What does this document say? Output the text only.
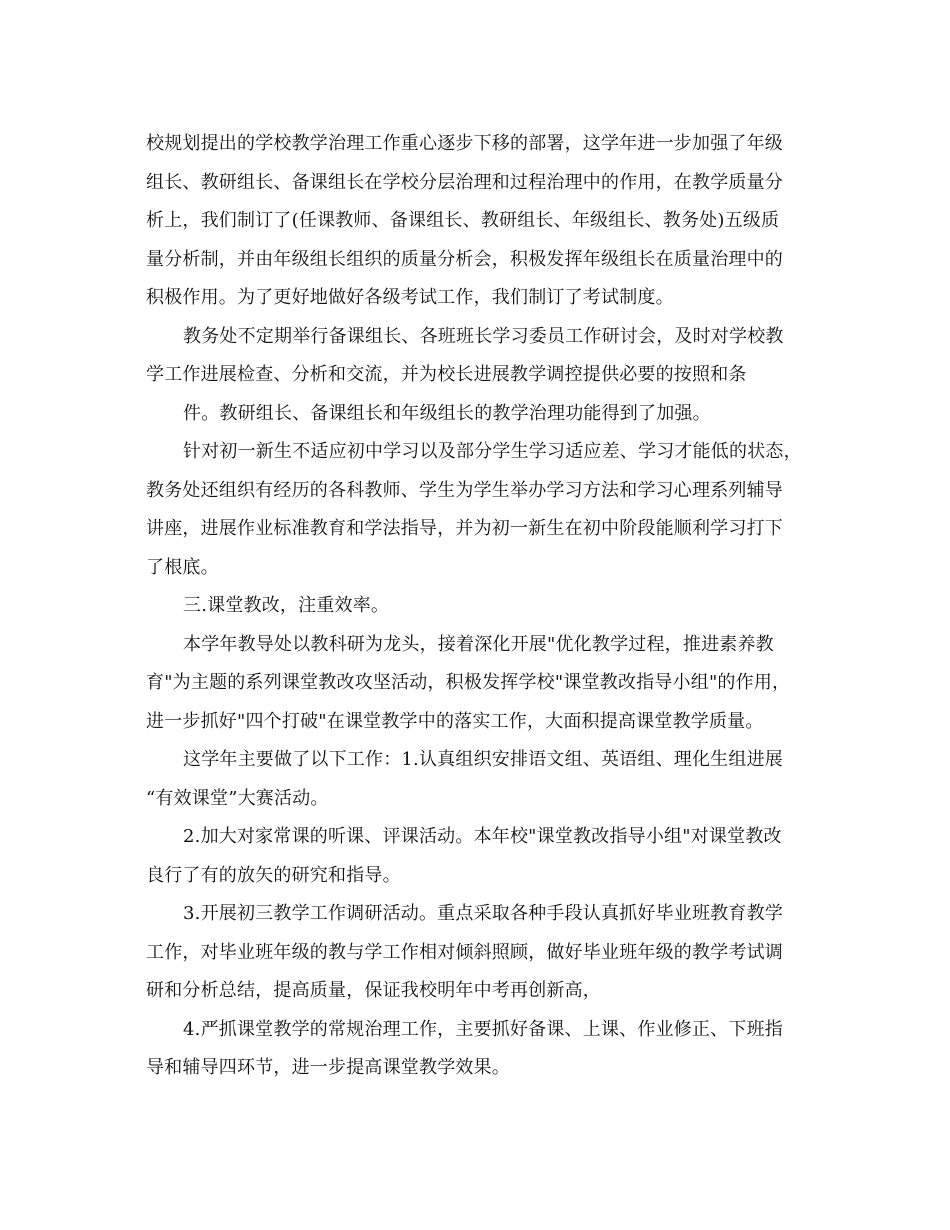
校规划提出的学校教学治理工作重心逐步下移的部署，这学年进一步加强了年级
组长、教研组长、备课组长在学校分层治理和过程治理中的作用，在教学质量分
析上，我们制订了(任课教师、备课组长、教研组长、年级组长、教务处)五级质
量分析制，并由年级组长组织的质量分析会，积极发挥年级组长在质量治理中的
积极作用。为了更好地做好各级考试工作，我们制订了考试制度。
教务处不定期举行备课组长、各班班长学习委员工作研讨会，及时对学校教
学工作进展检查、分析和交流，并为校长进展教学调控提供必要的按照和条
件。教研组长、备课组长和年级组长的教学治理功能得到了加强。
针对初一新生不适应初中学习以及部分学生学习适应差、学习才能低的状态，
教务处还组织有经历的各科教师、学生为学生举办学习方法和学习心理系列辅导
讲座，进展作业标准教育和学法指导，并为初一新生在初中阶段能顺利学习打下
了根底。
三.课堂教改，注重效率。
本学年教导处以教科研为龙头，接着深化开展"优化教学过程，推进素养教
育"为主题的系列课堂教改攻坚活动，积极发挥学校"课堂教改指导小组"的作用，
进一步抓好"四个打破"在课堂教学中的落实工作，大面积提高课堂教学质量。
这学年主要做了以下工作：1.认真组织安排语文组、英语组、理化生组进展
“有效课堂”大赛活动。
2.加大对家常课的听课、评课活动。本年校"课堂教改指导小组"对课堂教改
良行了有的放矢的研究和指导。
3.开展初三教学工作调研活动。重点采取各种手段认真抓好毕业班教育教学
工作，对毕业班年级的教与学工作相对倾斜照顾，做好毕业班年级的教学考试调
研和分析总结，提高质量，保证我校明年中考再创新高，
4.严抓课堂教学的常规治理工作，主要抓好备课、上课、作业修正、下班指
导和辅导四环节，进一步提高课堂教学效果。
